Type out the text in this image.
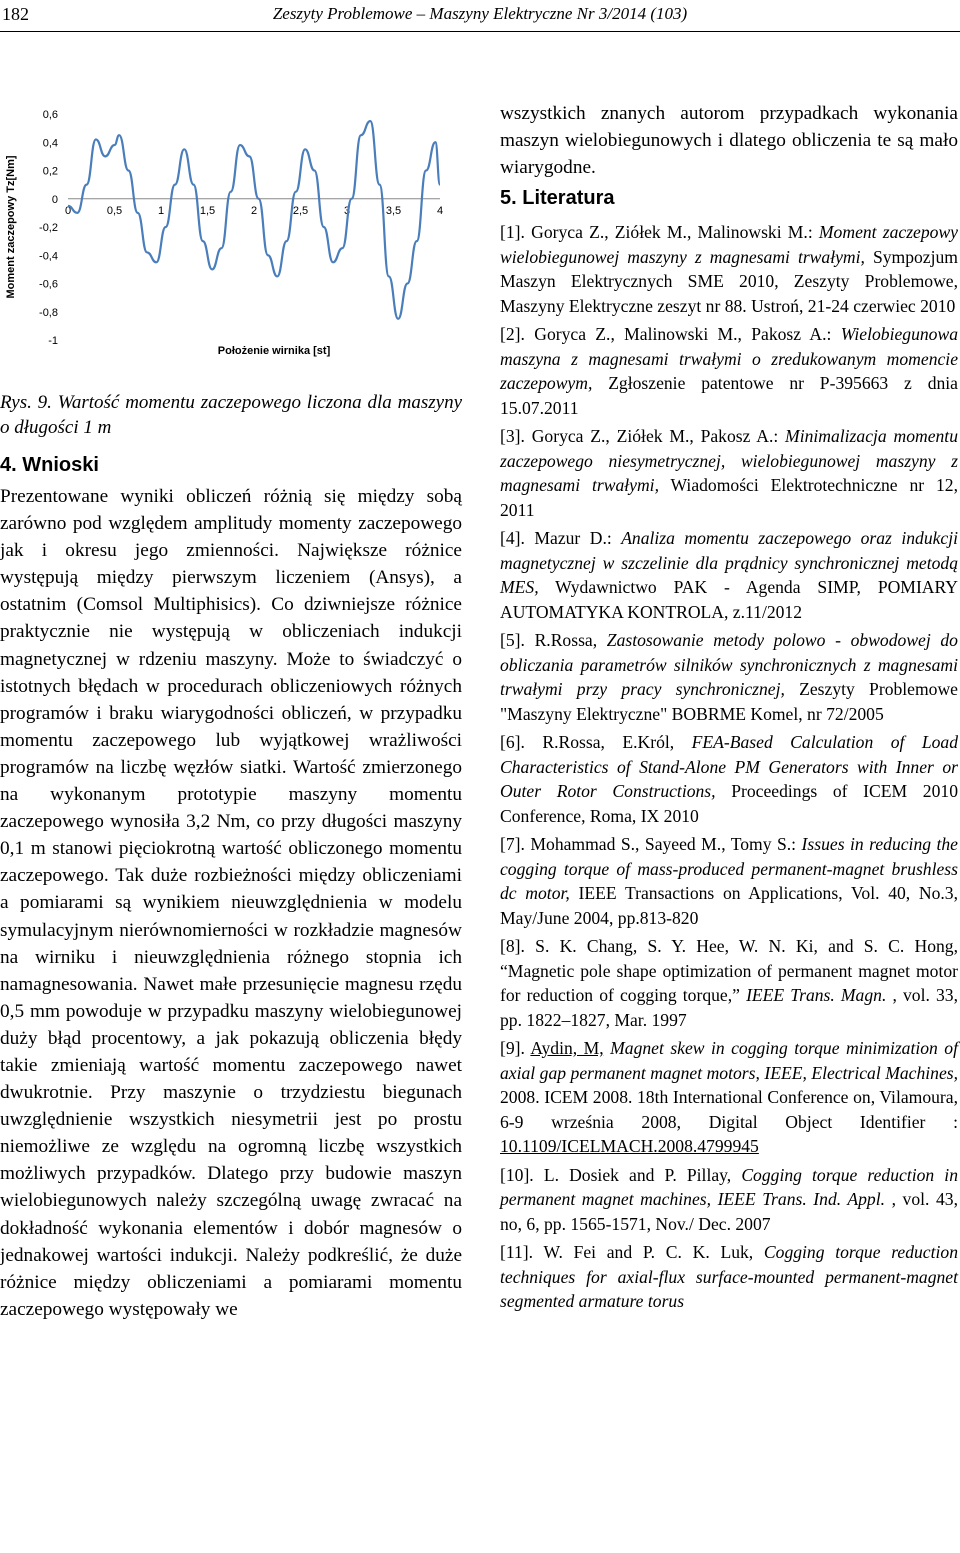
182	Zeszyty Problemowe – Maszyny Elektryczne Nr 3/2014 (103)
0,6
0,4
0,2
0
-0,2
-0,4
-0,6
-0,8
-1
0	0,5	1	1,5	2	2,5	3	3,5	4
Położenie wirnika [st]
Moment zaczepowy Tz[Nm]
Rys. 9. Wartość momentu zaczepowego liczona dla maszyny o długości 1 m
4. Wnioski

Prezentowane wyniki obliczeń różnią się między sobą zarówno pod względem amplitudy momenty zaczepowego jak i okresu jego zmienności. Największe różnice występują między pierwszym liczeniem (Ansys), a ostatnim (Comsol Multiphisics). Co dziwniejsze różnice praktycznie nie występują w obliczeniach indukcji magnetycznej w rdzeniu maszyny. Może to świadczyć o istotnych błędach w procedurach obliczeniowych różnych programów i braku wiarygodności obliczeń, w przypadku momentu zaczepowego lub wyjątkowej wrażliwości programów na liczbę węzłów siatki. Wartość zmierzonego na wykonanym prototypie maszyny momentu zaczepowego wynosiła 3,2 Nm, co przy długości maszyny 0,1 m stanowi pięciokrotną wartość obliczonego momentu zaczepowego. Tak duże rozbieżności między obliczeniami a pomiarami są wynikiem nieuwzględnienia w modelu symulacyjnym nierównomierności w rozkładzie magnesów na wirniku i nieuwzględnienia różnego stopnia ich namagnesowania. Nawet małe przesunięcie magnesu rzędu 0,5 mm powoduje w przypadku maszyny wielobiegunowej duży błąd procentowy, a jak pokazują obliczenia błędy takie zmieniają wartość momentu zaczepowego nawet dwukrotnie. Przy maszynie o trzydziestu biegunach uwzględnienie wszystkich niesymetrii jest po prostu niemożliwe ze względu na ogromną liczbę wszystkich możliwych przypadków. Dlatego przy budowie maszyn wielobiegunowych należy szczególną uwagę zwracać na dokładność wykonania elementów i dobór magnesów o jednakowej wartości indukcji. Należy podkreślić, że duże różnice między obliczeniami a pomiarami momentu zaczepowego występowały we

wszystkich znanych autorom przypadkach wykonania maszyn wielobiegunowych i dlatego obliczenia te są mało wiarygodne.

5. Literatura

[1]. Goryca Z., Ziółek M., Malinowski M.: Moment zaczepowy wielobiegunowej maszyny z magnesami trwałymi, Sympozjum Maszyn Elektrycznych SME 2010, Zeszyty Problemowe, Maszyny Elektryczne zeszyt nr 88. Ustroń, 21-24 czerwiec 2010

[2]. Goryca Z., Malinowski M., Pakosz A.: Wielobiegunowa maszyna z magnesami trwałymi o zredukowanym momencie zaczepowym, Zgłoszenie patentowe nr P-395663 z dnia 15.07.2011

[3]. Goryca Z., Ziółek M., Pakosz A.: Minimalizacja momentu zaczepowego niesymetrycznej, wielobiegunowej maszyny z magnesami trwałymi, Wiadomości Elektrotechniczne nr 12, 2011

[4]. Mazur D.: Analiza momentu zaczepowego oraz indukcji magnetycznej w szczelinie dla prądnicy synchronicznej metodą MES, Wydawnictwo PAK - Agenda SIMP, POMIARY AUTOMATYKA KONTROLA, z.11/2012

[5]. R.Rossa, Zastosowanie metody polowo - obwodowej do obliczania parametrów silników synchronicznych z magnesami trwałymi przy pracy synchronicznej, Zeszyty Problemowe "Maszyny Elektryczne" BOBRME Komel, nr 72/2005

[6]. R.Rossa, E.Król, FEA-Based Calculation of Load Characteristics of Stand-Alone PM Generators with Inner or Outer Rotor Constructions, Proceedings of ICEM 2010 Conference, Roma, IX 2010

[7]. Mohammad S., Sayeed M., Tomy S.: Issues in reducing the cogging torque of mass-produced permanent-magnet brushless dc motor, IEEE Transactions on Applications, Vol. 40, No.3, May/June 2004, pp.813-820

[8]. S. K. Chang, S. Y. Hee, W. N. Ki, and S. C. Hong, “Magnetic pole shape optimization of permanent magnet motor for reduction of cogging torque,” IEEE Trans. Magn. , vol. 33, pp. 1822–1827, Mar. 1997

[9]. Aydin, M, Magnet skew in cogging torque minimization of axial gap permanent magnet motors, IEEE, Electrical Machines, 2008. ICEM 2008. 18th International Conference on, Vilamoura, 6-9 września 2008, Digital Object Identifier : 10.1109/ICELMACH.2008.4799945

[10]. L. Dosiek and P. Pillay, Cogging torque reduction in permanent magnet machines, IEEE Trans. Ind. Appl. , vol. 43, no, 6, pp. 1565-1571, Nov./ Dec. 2007

[11]. W. Fei and P. C. K. Luk, Cogging torque reduction techniques for axial-flux surface-mounted permanent-magnet segmented armature torus
